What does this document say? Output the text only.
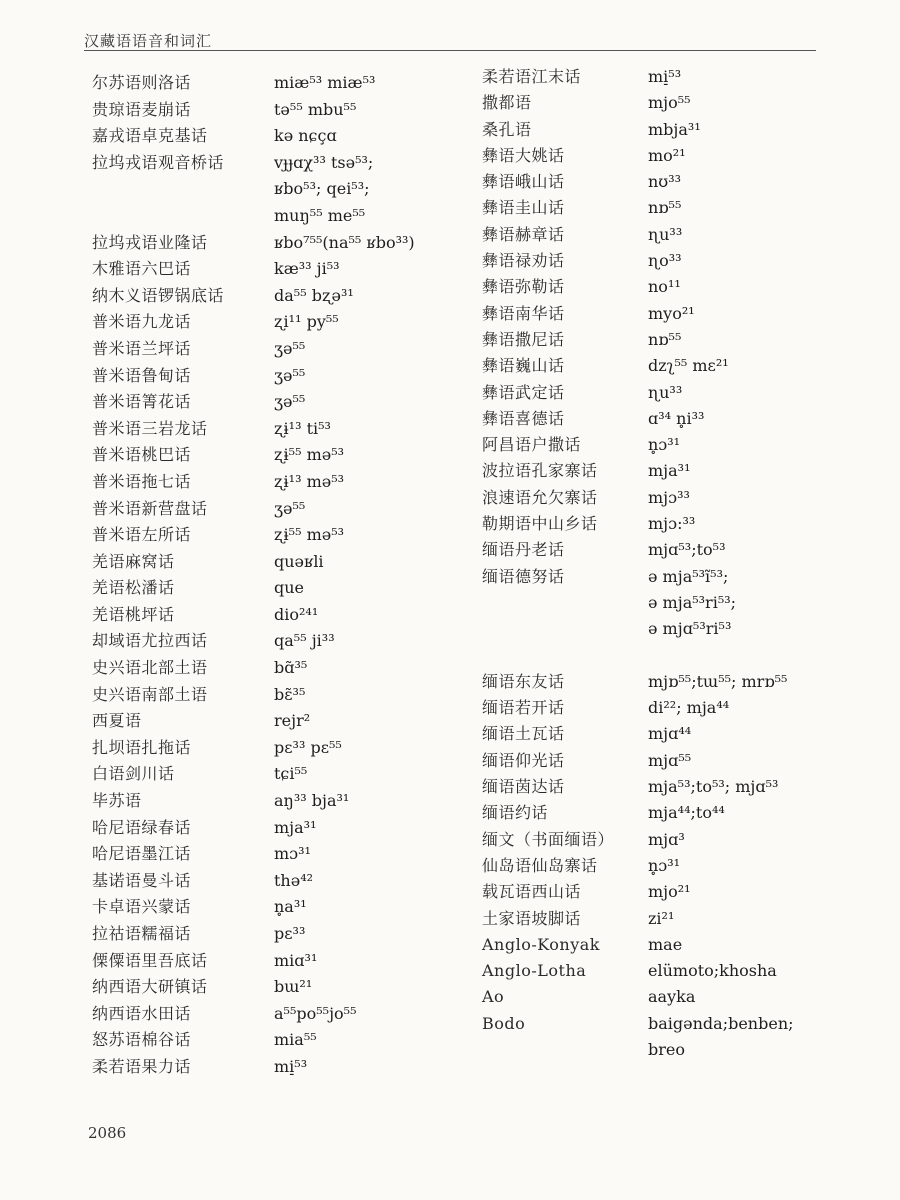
汉藏语语音和词汇
尔苏语则洛话	miæ⁵³ miæ⁵³
贵琼语麦崩话	tə⁵⁵ mbu⁵⁵
嘉戎语卓克基话	kə nɕçɑ
拉坞戎语观音桥话	vɟɟɑχ³³ tsə⁵³;
ʁbo⁵³; qei⁵³;
muŋ⁵⁵ me⁵⁵
拉坞戎语业隆话	ʁbo⁷⁵⁵(na⁵⁵ ʁbo³³)
木雅语六巴话	kæ³³ ji⁵³
纳木义语锣锅底话	da⁵⁵ bʐə³¹
普米语九龙话	ʐi¹¹ py⁵⁵
普米语兰坪话	ʒə⁵⁵
普米语鲁甸话	ʒə⁵⁵
普米语箐花话	ʒə⁵⁵
普米语三岩龙话	ʐɨ¹³ ti⁵³
普米语桃巴话	ʐɨ⁵⁵ mə⁵³
普米语拖七话	ʐɨ¹³ mə⁵³
普米语新营盘话	ʒə⁵⁵
普米语左所话	ʐɨ⁵⁵ mə⁵³
羌语麻窝话	quəʁli
羌语松潘话	que
羌语桃坪话	dio²⁴¹
却域语尤拉西话	qa⁵⁵ ji³³
史兴语北部土语	bɑ̃³⁵
史兴语南部土语	bɛ̃³⁵
西夏语	rejr²
扎坝语扎拖话	pɛ³³ pɛ⁵⁵
白语剑川话	tɕi⁵⁵
毕苏语	aŋ³³ bja³¹
哈尼语绿春话	mja³¹
哈尼语墨江话	mɔ³¹
基诺语曼斗话	thə⁴²
卡卓语兴蒙话	n̥a³¹
拉祜语糯福话	pɛ³³
傈僳语里吾底话	miɑ³¹
纳西语大研镇话	bɯ²¹
纳西语水田话	a⁵⁵po⁵⁵jo⁵⁵
怒苏语棉谷话	mia⁵⁵
柔若语果力话	mi̠⁵³
柔若语江末话	mi̠⁵³
撒都语	mjo⁵⁵
桑孔语	mbja³¹
彝语大姚话	mo²¹
彝语峨山话	nʊ³³
彝语圭山话	nɒ⁵⁵
彝语赫章话	ɳu³³
彝语禄劝话	ɳo³³
彝语弥勒话	no¹¹
彝语南华话	myo²¹
彝语撒尼话	nɒ⁵⁵
彝语巍山话	dzʅ⁵⁵ mɛ²¹
彝语武定话	ɳu³³
彝语喜德话	ɑ³⁴ n̥i³³
阿昌语户撒话	n̥ɔ³¹
波拉语孔家寨话	mja³¹
浪速语允欠寨话	mjɔ³³
勒期语中山乡话	mjɔ:³³
缅语丹老话	mjɑ⁵³;to⁵³
缅语德努话	ə mja⁵³ĩ⁵³;
ə mja⁵³ri⁵³;
ə mjɑ⁵³ri⁵³
缅语东友话	mjɒ⁵⁵;tɯ⁵⁵; mrɒ⁵⁵
缅语若开话	di²²; mja⁴⁴
缅语土瓦话	mjɑ⁴⁴
缅语仰光话	mjɑ⁵⁵
缅语茵达话	mja⁵³;to⁵³; mjɑ⁵³
缅语约话	mja⁴⁴;to⁴⁴
缅文（书面缅语） mjɑ³
仙岛语仙岛寨话	n̥ɔ³¹
载瓦语西山话	mjo²¹
土家语坡脚话	zi²¹
Anglo-Konyak	mae
Anglo-Lotha	elümoto;khosha
Ao	aayka
Bodo	baigənda;benben;
breo
2086
